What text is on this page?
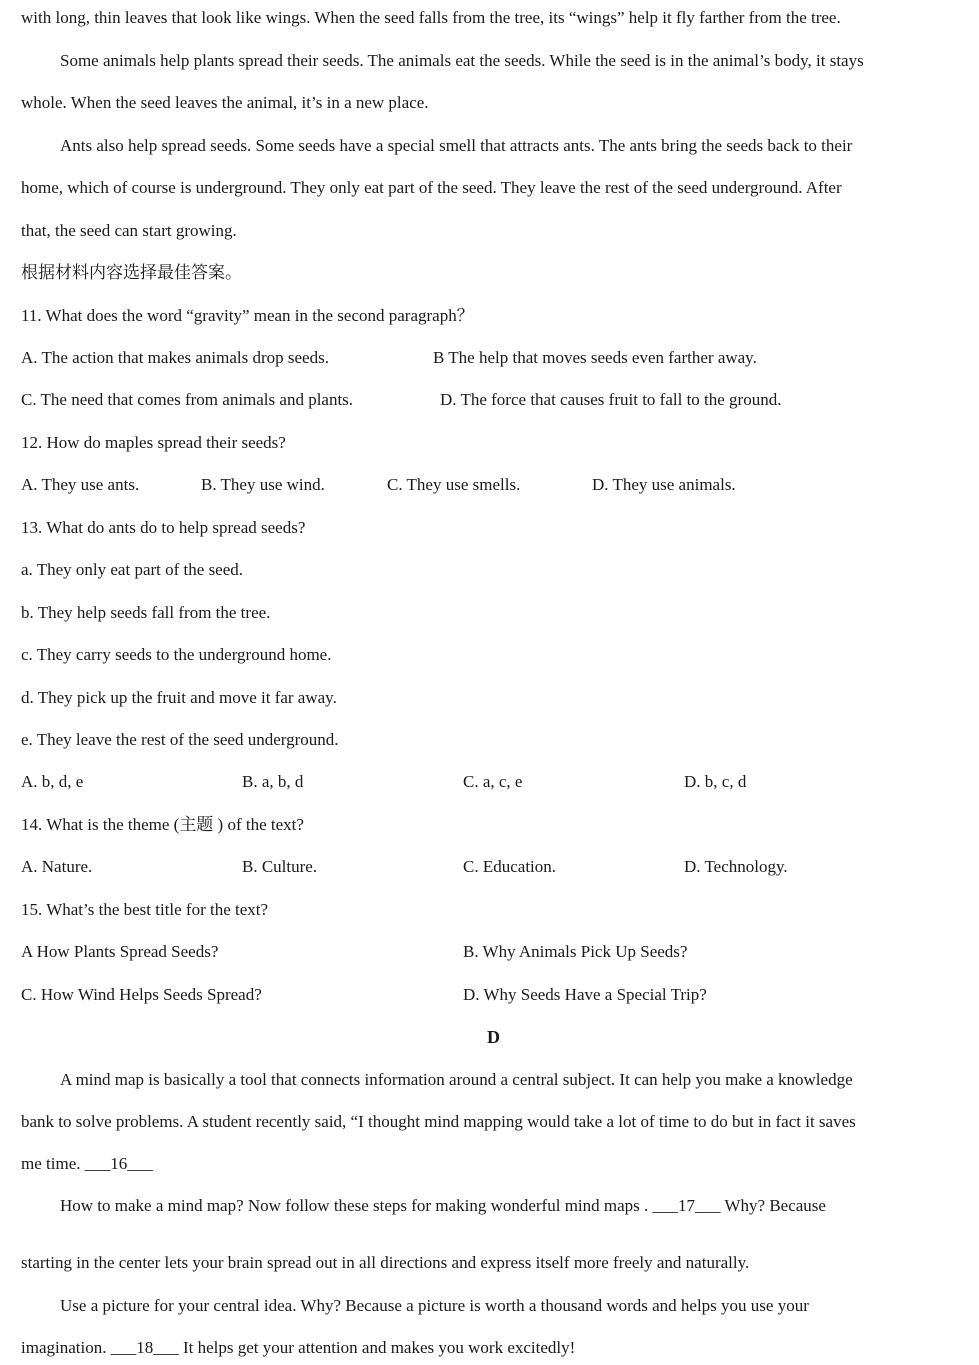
with long, thin leaves that look like wings. When the seed falls from the tree, its “wings” help it fly farther from the tree.
Some animals help plants spread their seeds. The animals eat the seeds. While the seed is in the animal’s body, it stays
whole. When the seed leaves the animal, it’s in a new place.
Ants also help spread seeds. Some seeds have a special smell that attracts ants. The ants bring the seeds back to their
home, which of course is underground. They only eat part of the seed. They leave the rest of the seed underground. After
that, the seed can start growing.
根据材料内容选择最佳答案。
11. What does the word “gravity” mean in the second paragraph？
A. The action that makes animals drop seeds.	B The help that moves seeds even farther away.
C. The need that comes from animals and plants.	D. The force that causes fruit to fall to the ground.
12. How do maples spread their seeds?
A. They use ants.	B. They use wind.	C. They use smells.	D. They use animals.
13. What do ants do to help spread seeds?
a. They only eat part of the seed.
b. They help seeds fall from the tree.
c. They carry seeds to the underground home.
d. They pick up the fruit and move it far away.
e. They leave the rest of the seed underground.
A. b, d, e	B. a, b, d	C. a, c, e	D. b, c, d
14. What is the theme (主题 ) of the text?
A. Nature.	B. Culture.	C. Education.	D. Technology.
15. What’s the best title for the text?
A How Plants Spread Seeds?	B. Why Animals Pick Up Seeds?
C. How Wind Helps Seeds Spread?	D. Why Seeds Have a Special Trip?
D
A mind map is basically a tool that connects information around a central subject. It can help you make a knowledge
bank to solve problems. A student recently said, “I thought mind mapping would take a lot of time to do but in fact it saves
me time. ___16___
How to make a mind map? Now follow these steps for making wonderful mind maps . ___17___ Why? Because
starting in the center lets your brain spread out in all directions and express itself more freely and naturally.
Use a picture for your central idea. Why? Because a picture is worth a thousand words and helps you use your
imagination. ___18___ It helps get your attention and makes you work excitedly!
